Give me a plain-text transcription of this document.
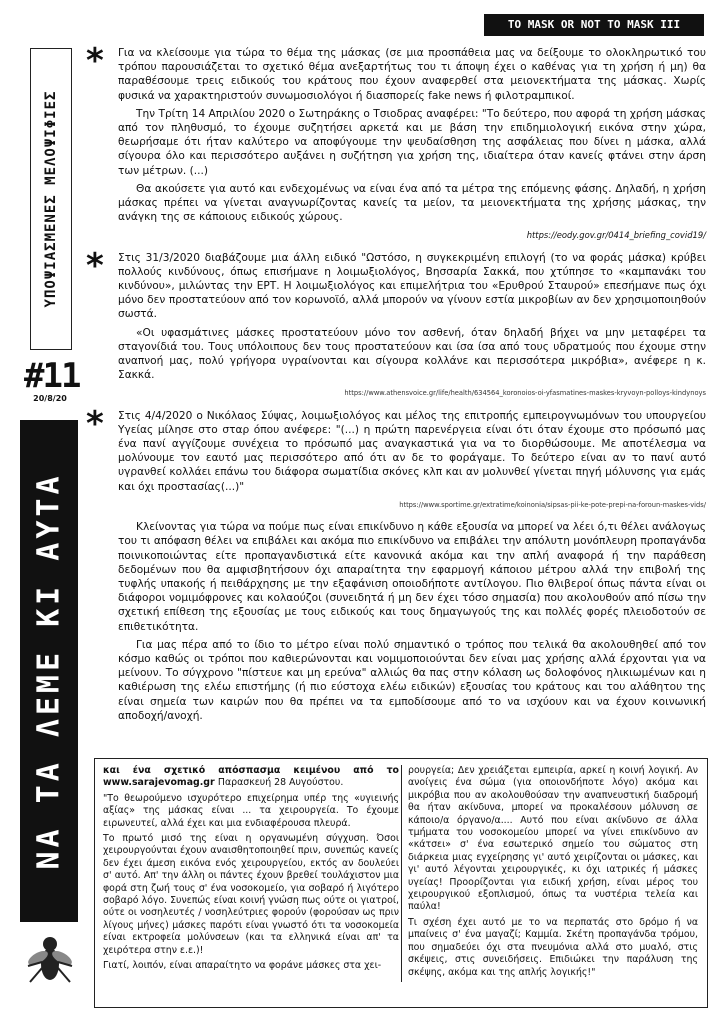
TO MASK OR NOT TO MASK III
ΥΠΟΨΙΑΣΜΕΝΕΣ ΜΕΛΟΨΙΦΙΕΣ
#11
20/8/20
ΝΑ ΤΑ ΛΕΜΕ ΚΙ ΑΥΤΑ
* Για να κλείσουμε για τώρα το θέμα της μάσκας (σε μια προσπάθεια μας να δείξουμε το ολοκληρωτικό του τρόπου παρουσιάζεται το σχετικό θέμα ανεξαρτήτως του τι άποψη έχει ο καθένας για τη χρήση ή μη) θα παραθέσουμε τρεις ειδικούς του κράτους που έχουν αναφερθεί στα μειονεκτήματα της μάσκας. Χωρίς φυσικά να χαρακτηριστούν συνωμοσιολόγοι ή διασπορείς fake news ή φιλοτραμπικοί.

Την Τρίτη 14 Απριλίου 2020 ο Σωτηράκης ο Τσιοδρας αναφέρει: "Το δεύτερο, που αφορά τη χρήση μάσκας από τον πληθυσμό, το έχουμε συζητήσει αρκετά και με βάση την επιδημιολογική εικόνα στην χώρα, θεωρήσαμε ότι ήταν καλύτερο να αποφύγουμε την ψευδαίσθηση της ασφάλειας που δίνει η μάσκα, αλλά σίγουρα όλο και περισσότερο αυξάνει η συζήτηση για χρήση της, ιδιαίτερα όταν κανείς φτάνει στην άρση των μέτρων. (...)

Θα ακούσετε για αυτό και ενδεχομένως να είναι ένα από τα μέτρα της επόμενης φάσης. Δηλαδή, η χρήση μάσκας πρέπει να γίνεται αναγνωρίζοντας κανείς τα μείον, τα μειονεκτήματα της χρήσης μάσκας, την ανάγκη της σε κάποιους ειδικούς χώρους.

https://eody.gov.gr/0414_briefing_covid19/

* Στις 31/3/2020 διαβάζουμε μια άλλη ειδικό "Ωστόσο, η συγκεκριμένη επιλογή (το να φοράς μάσκα) κρύβει πολλούς κινδύνους, όπως επισήμανε η λοιμωξιολόγος, Βησσαρία Σακκά, που χτύπησε το «καμπανάκι του κινδύνου», μιλώντας την ΕΡΤ. Η λοιμωξιολόγος και επιμελήτρια του «Ερυθρού Σταυρού» επεσήμανε πως όχι μόνο δεν προστατεύουν από τον κορωνοϊό, αλλά μπορούν να γίνουν εστία μικροβίων αν δεν χρησιμοποιηθούν σωστά.

«Οι υφασμάτινες μάσκες προστατεύουν μόνο τον ασθενή, όταν δηλαδή βήχει να μην μεταφέρει τα σταγονίδιά του. Τους υπόλοιπους δεν τους προστατεύουν και ίσα ίσα από τους υδρατμούς που έχουμε στην αναπνοή μας, πολύ γρήγορα υγραίνονται και σίγουρα κολλάνε και περισσότερα μικρόβια», ανέφερε η κ. Σακκά.

https://www.athensvoice.gr/life/health/634564_koronoios-oi-yfasmatines-maskes-kryvoyn-polloys-kindynoys

* Στις 4/4/2020 ο Νικόλαος Σύψας, λοιμωξιολόγος και μέλος της επιτροπής εμπειρογνωμόνων του υπουργείου Υγείας μίλησε στο σταρ όπου ανέφερε: "(...) η πρώτη παρενέργεια είναι ότι όταν έχουμε στο πρόσωπό μας ένα πανί αγγίζουμε συνέχεια το πρόσωπό μας αναγκαστικά για να το διορθώσουμε. Με αποτέλεσμα να μολύνουμε τον εαυτό μας περισσότερο από ότι αν δε το φοράγαμε. Το δεύτερο είναι αν το πανί αυτό υγρανθεί κολλάει επάνω του διάφορα σωματίδια σκόνες κλπ και αν μολυνθεί γίνεται πηγή μόλυνσης για εμάς και όχι προστασίας(...)"

https://www.sportime.gr/extratime/koinonia/sipsas-pii-ke-pote-prepi-na-foroun-maskes-vids/

Κλείνοντας για τώρα να πούμε πως είναι επικίνδυνο η κάθε εξουσία να μπορεί να λέει ό,τι θέλει ανάλογως του τι απόφαση θέλει να επιβάλει και ακόμα πιο επικίνδυνο να επιβάλει την απόλυτη μονόπλευρη προπαγάνδα ποινικοποιώντας είτε προπαγανδιστικά είτε κανονικά ακόμα και την απλή αναφορά ή την παράθεση δεδομένων που θα αμφισβητήσουν όχι απαραίτητα την εφαρμογή κάποιου μέτρου αλλά την επιβολή της τυφλής υπακοής ή πειθάρχησης με την εξαφάνιση οποιοδήποτε αντίλογου. Πιο θλιβεροί όπως πάντα είναι οι διάφοροι νομιμόφρονες και κολαούζοι (συνειδητά ή μη δεν έχει τόσο σημασία) που ακολουθούν από πίσω την σχετική επίθεση της εξουσίας με τους ειδικούς και τους δημαγωγούς της και πολλές φορές πλειοδοτούν σε επιθετικότητα.

Για μας πέρα από το ίδιο το μέτρο είναι πολύ σημαντικό ο τρόπος που τελικά θα ακολουθηθεί από τον κόσμο καθώς οι τρόποι που καθιερώνονται και νομιμοποιούνται δεν είναι μας χρήσης αλλά έρχονται για να μείνουν. Το σύγχρονο "πίστευε και μη ερεύνα" αλλιώς θα πας στην κόλαση ως δολοφόνος ηλικιωμένων και η καθιέρωση της ελέω επιστήμης (ή πιο εύστοχα ελέω ειδικών) εξουσίας του κράτους και του αλάθητου της είναι σημεία των καιρών που θα πρέπει να τα εμποδίσουμε από το να ισχύουν και να έχουν κοινωνική αποδοχή/ανοχή.

και ένα σχετικό απόσπασμα κειμένου από το www.sarajevomag.gr Παρασκευή 28 Αυγούστου.

"Το θεωρούμενο ισχυρότερο επιχείρημα υπέρ της «υγιεινής αξίας» της μάσκας είναι ... τα χειρουργεία. Το έχουμε ειρωνευτεί, αλλά έχει και μια ενδιαφέρουσα πλευρά.

Το πρωτό μισό της είναι η οργανωμένη σύγχυση. Όσοι χειρουργούνται έχουν αναισθητοποιηθεί πριν, συνεπώς κανείς δεν έχει άμεση εικόνα ενός χειρουργείου, εκτός αν δουλεύει σ' αυτό. Απ' την άλλη οι πάντες έχουν βρεθεί τουλάχιστον μια φορά στη ζωή τους σ' ένα νοσοκομείο, για σοβαρό ή λιγότερο σοβαρό λόγο. Συνεπώς είναι κοινή γνώση πως ούτε οι γιατροί, ούτε οι νοσηλευτές / νοσηλεύτριες φορούν (φορούσαν ως πριν λίγους μήνες) μάσκες παρότι είναι γνωστό ότι τα νοσοκομεία είναι εκτροφεία μολύνσεων (και τα ελληνικά είναι απ' τα χειρότερα στην ε.ε.)!

Γιατί, λοιπόν, είναι απαραίτητο να φοράνε μάσκες στα χει-

ρουργεία; Δεν χρειάζεται εμπειρία, αρκεί η κοινή λογική. Αν ανοίγεις ένα σώμα (για οποιονδήποτε λόγο) ακόμα και μικρόβια που αν ακολουθούσαν την αναπνευστική διαδρομή θα ήταν ακίνδυνα, μπορεί να προκαλέσουν μόλυνση σε κάποιο/α όργανο/α.... Αυτό που είναι ακίνδυνο σε άλλα τμήματα του νοσοκομείου μπορεί να γίνει επικίνδυνο αν «κάτσει» σ' ένα εσωτερικό σημείο του σώματος στη διάρκεια μιας εγχείρησης γι' αυτό χειρίζονται οι μάσκες, και γι' αυτό λέγονται χειρουργικές, κι όχι ιατρικές ή μάσκες υγείας! Προορίζονται για ειδική χρήση, είναι μέρος του χειρουργικού εξοπλισμού, όπως τα νυστέρια τελεία και παύλα!

Τι σχέση έχει αυτό με το να περπατάς στο δρόμο ή να μπαίνεις σ' ένα μαγαζί; Καμμία. Σκέτη προπαγάνδα τρόμου, που σημαδεύει όχι στα πνευμόνια αλλά στο μυαλό, στις σκέψεις, στις συνειδήσεις. Επιδιώκει την παράλυση της σκέψης, ακόμα και της απλής λογικής!"
